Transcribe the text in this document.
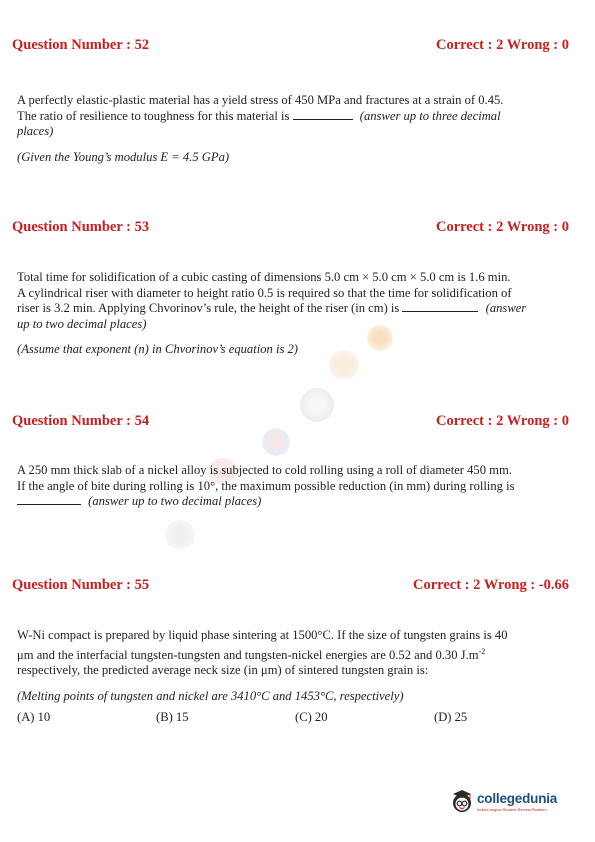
Question Number : 52	Correct : 2 Wrong : 0

A perfectly elastic-plastic material has a yield stress of 450 MPa and fractures at a strain of 0.45.

The ratio of resilience to toughness for this material is	(answer up to three decimal

places)

(Given the Young’s modulus E = 4.5 GPa)

Question Number : 53	Correct : 2 Wrong : 0

Total time for solidification of a cubic casting of dimensions 5.0 cm × 5.0 cm × 5.0 cm is 1.6 min.

A cylindrical riser with diameter to height ratio 0.5 is required so that the time for solidification of

riser is 3.2 min. Applying Chvorinov’s rule, the height of the riser (in cm) is	(answer

up to two decimal places)

(Assume that exponent (n) in Chvorinov’s equation is 2)

Question Number : 54	Correct : 2 Wrong : 0

A 250 mm thick slab of a nickel alloy is subjected to cold rolling using a roll of diameter 450 mm.

If the angle of bite during rolling is 10°, the maximum possible reduction (in mm) during rolling is

(answer up to two decimal places)

Question Number : 55	Correct : 2 Wrong : -0.66

W-Ni compact is prepared by liquid phase sintering at 1500°C. If the size of tungsten grains is 40

μm and the interfacial tungsten-tungsten and tungsten-nickel energies are 0.52 and 0.30 $J.m^{-2}$

respectively, the predicted average neck size (in μm) of sintered tungsten grain is:

(Melting points of tungsten and nickel are 3410°C and 1453°C, respectively)

(A) 10	(B) 15	(C) 20	(D) 25
collegedunia
India's largest Student Review Platform
